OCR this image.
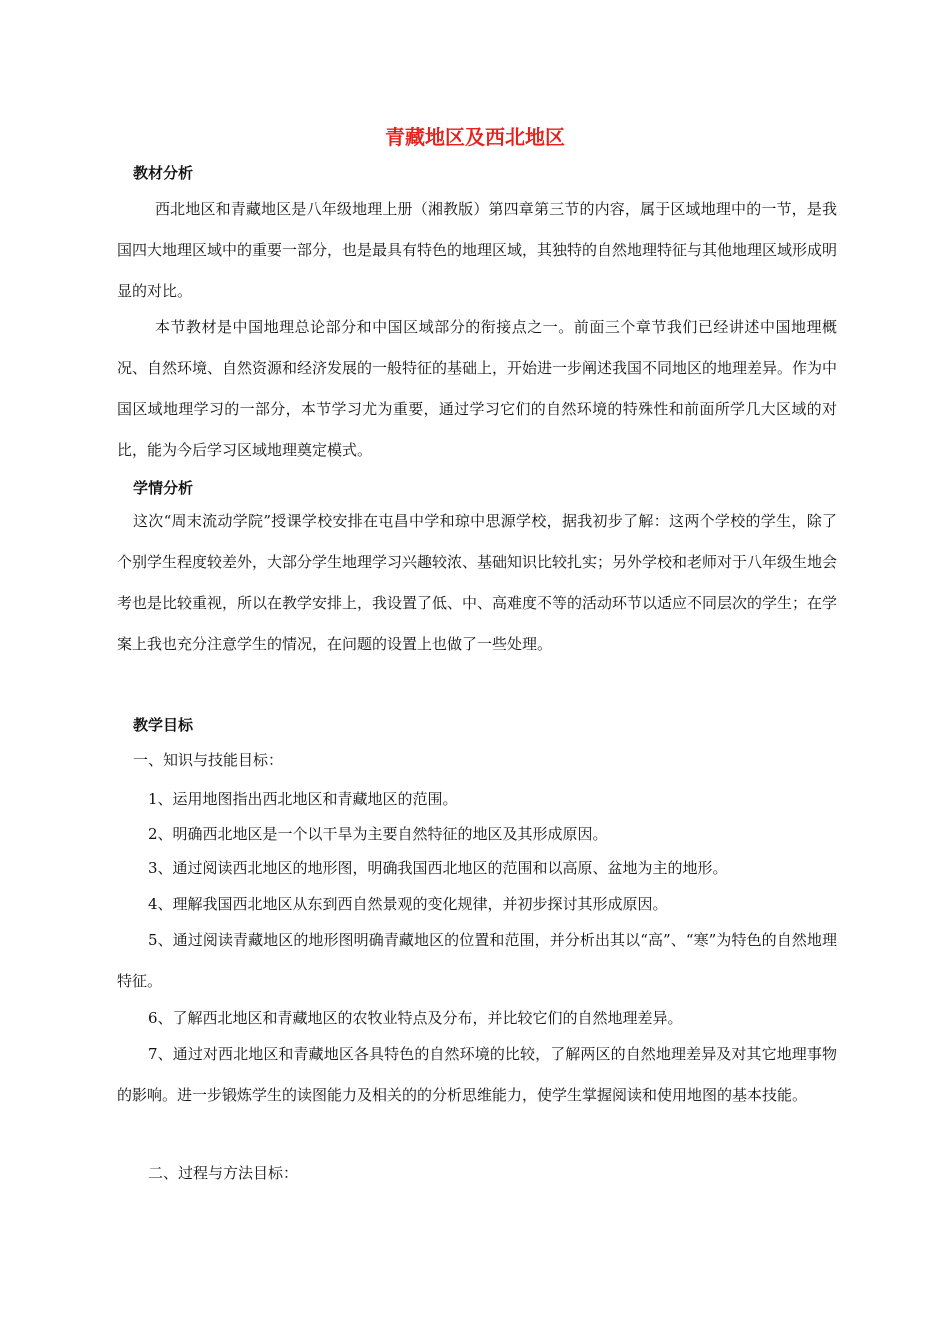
青藏地区及西北地区
教材分析

西北地区和青藏地区是八年级地理上册（湘教版）第四章第三节的内容，属于区域地理中的一节，是我国四大地理区域中的重要一部分，也是最具有特色的地理区域，其独特的自然地理特征与其他地理区域形成明显的对比。

本节教材是中国地理总论部分和中国区域部分的衔接点之一。前面三个章节我们已经讲述中国地理概况、自然环境、自然资源和经济发展的一般特征的基础上，开始进一步阐述我国不同地区的地理差异。作为中国区域地理学习的一部分，本节学习尤为重要，通过学习它们的自然环境的特殊性和前面所学几大区域的对比，能为今后学习区域地理奠定模式。

学情分析

这次“周末流动学院”授课学校安排在屯昌中学和琼中思源学校，据我初步了解：这两个学校的学生，除了个别学生程度较差外，大部分学生地理学习兴趣较浓、基础知识比较扎实；另外学校和老师对于八年级生地会考也是比较重视，所以在教学安排上，我设置了低、中、高难度不等的活动环节以适应不同层次的学生；在学案上我也充分注意学生的情况，在问题的设置上也做了一些处理。

教学目标
一、知识与技能目标：
1、运用地图指出西北地区和青藏地区的范围。
2、明确西北地区是一个以干旱为主要自然特征的地区及其形成原因。
3、通过阅读西北地区的地形图，明确我国西北地区的范围和以高原、盆地为主的地形。
4、理解我国西北地区从东到西自然景观的变化规律，并初步探讨其形成原因。

5、通过阅读青藏地区的地形图明确青藏地区的位置和范围，并分析出其以“高”、“寒”为特色的自然地理特征。

6、了解西北地区和青藏地区的农牧业特点及分布，并比较它们的自然地理差异。

7、通过对西北地区和青藏地区各具特色的自然环境的比较，了解两区的自然地理差异及对其它地理事物的影响。进一步锻炼学生的读图能力及相关的的分析思维能力，使学生掌握阅读和使用地图的基本技能。

二、过程与方法目标：
